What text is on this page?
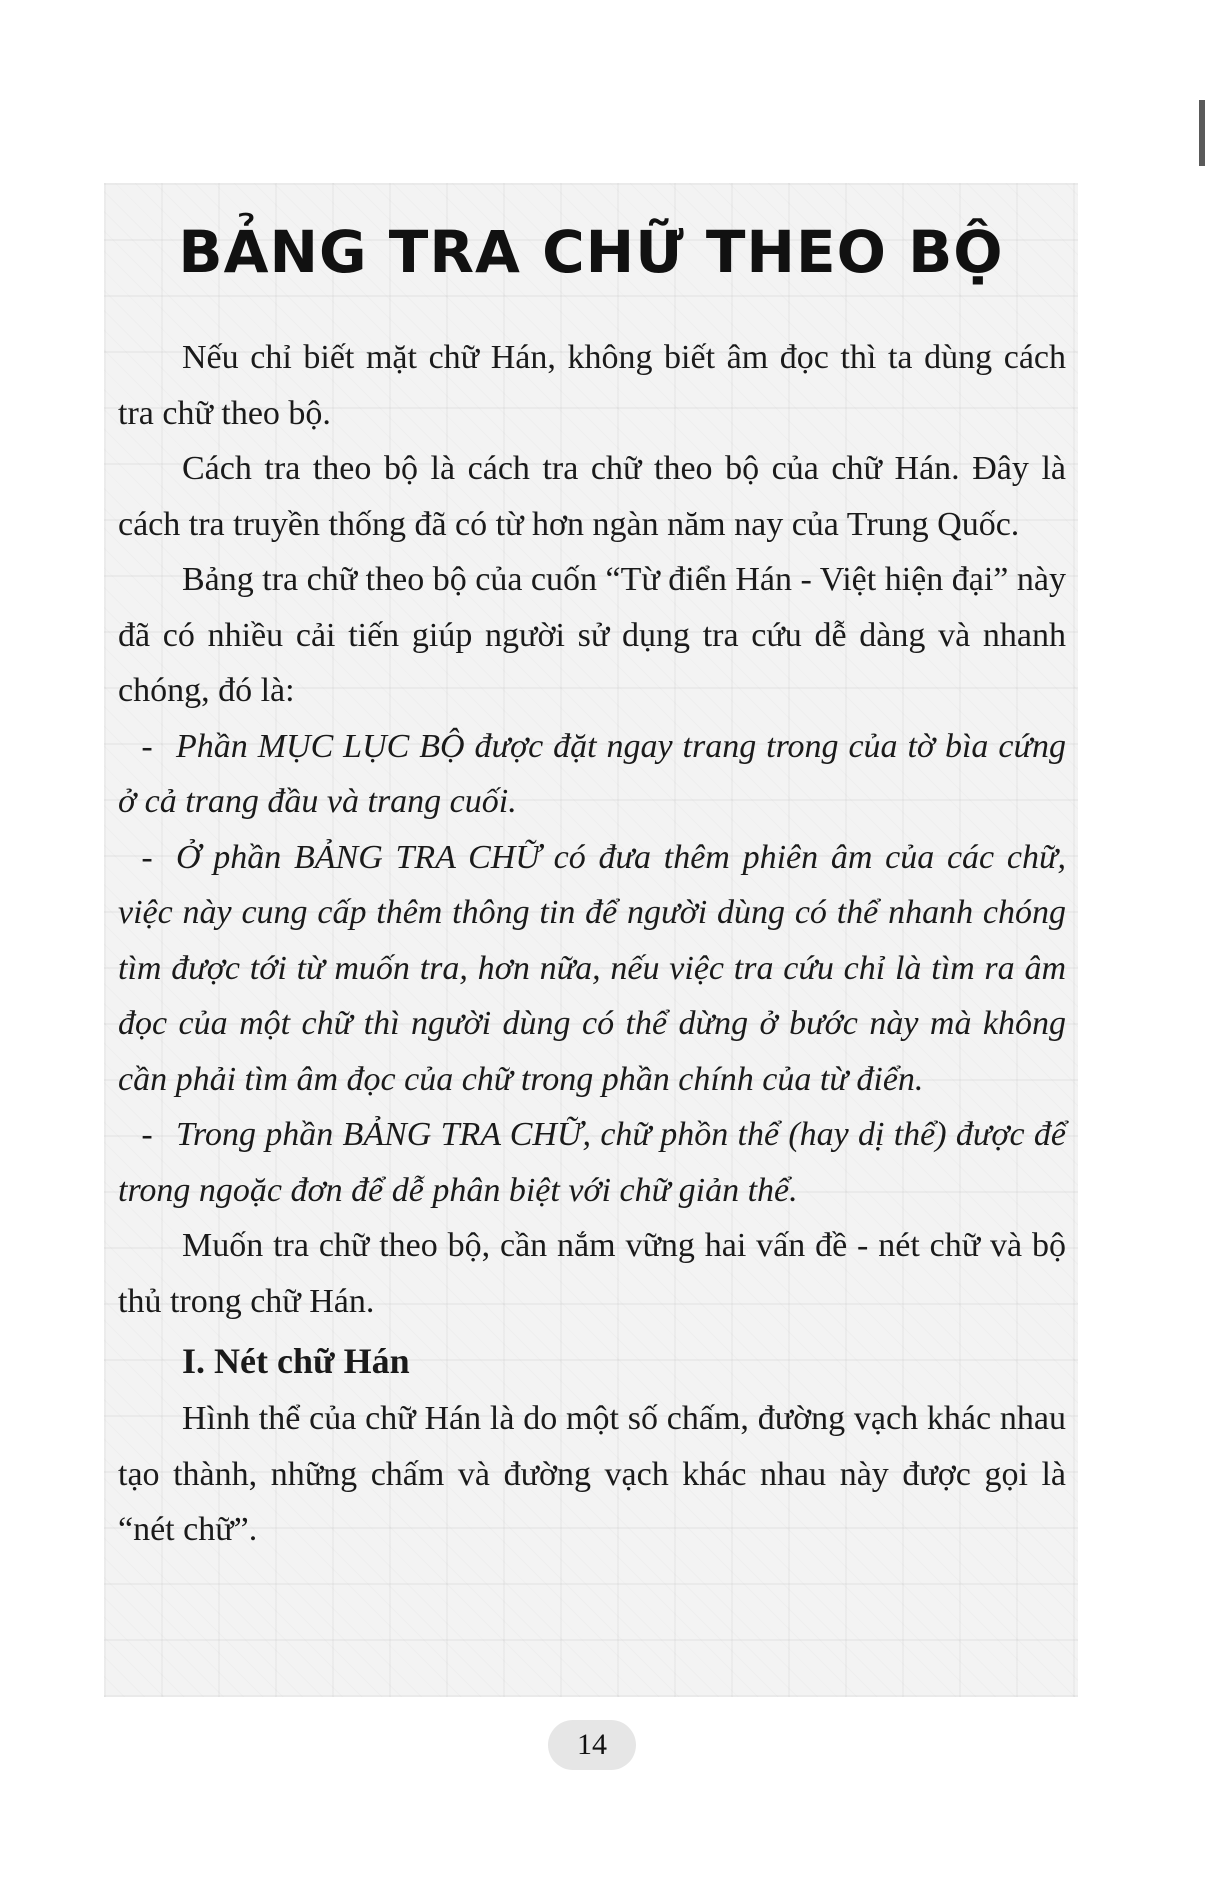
BẢNG TRA CHỮ THEO BỘ

Nếu chỉ biết mặt chữ Hán, không biết âm đọc thì ta dùng cách tra chữ theo bộ.

Cách tra theo bộ là cách tra chữ theo bộ của chữ Hán. Đây là cách tra truyền thống đã có từ hơn ngàn năm nay của Trung Quốc.

Bảng tra chữ theo bộ của cuốn “Từ điển Hán - Việt hiện đại” này đã có nhiều cải tiến giúp người sử dụng tra cứu dễ dàng và nhanh chóng, đó là:

- Phần MỤC LỤC BỘ được đặt ngay trang trong của tờ bìa cứng ở cả trang đầu và trang cuối.

- Ở phần BẢNG TRA CHỮ có đưa thêm phiên âm của các chữ, việc này cung cấp thêm thông tin để người dùng có thể nhanh chóng tìm được tới từ muốn tra, hơn nữa, nếu việc tra cứu chỉ là tìm ra âm đọc của một chữ thì người dùng có thể dừng ở bước này mà không cần phải tìm âm đọc của chữ trong phần chính của từ điển.

- Trong phần BẢNG TRA CHỮ, chữ phồn thể (hay dị thể) được để trong ngoặc đơn để dễ phân biệt với chữ giản thể.

Muốn tra chữ theo bộ, cần nắm vững hai vấn đề - nét chữ và bộ thủ trong chữ Hán.

I. Nét chữ Hán

Hình thể của chữ Hán là do một số chấm, đường vạch khác nhau tạo thành, những chấm và đường vạch khác nhau này được gọi là “nét chữ”.

14
